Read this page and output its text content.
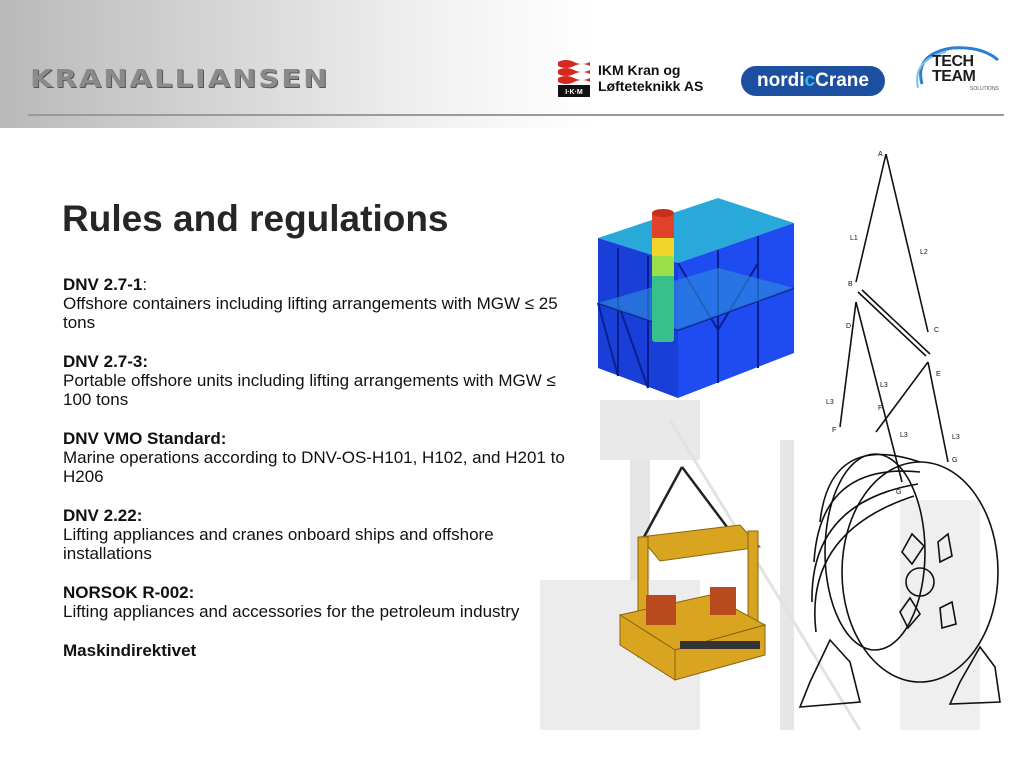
KRANALLIANSEN	I·K·M
IKM Kran og
Løfteteknikk AS	nordicCrane
TECH
TEAM
SOLUTIONS
Rules and regulations

DNV 2.7-1:
Offshore containers including lifting arrangements with MGW ≤ 25 tons

DNV 2.7-3:
Portable offshore units including lifting arrangements with MGW ≤ 100 tons

DNV VMO Standard:
Marine operations according to DNV-OS-H101, H102, and H201 to H206

DNV 2.22:
Lifting appliances and cranes onboard ships and offshore installations

NORSOK R-002:
Lifting appliances and accessories for the petroleum industry

Maskindirektivet

A
B
C
D
E
F
F
G
G
L1
L2
L3
L3
L3	L3
